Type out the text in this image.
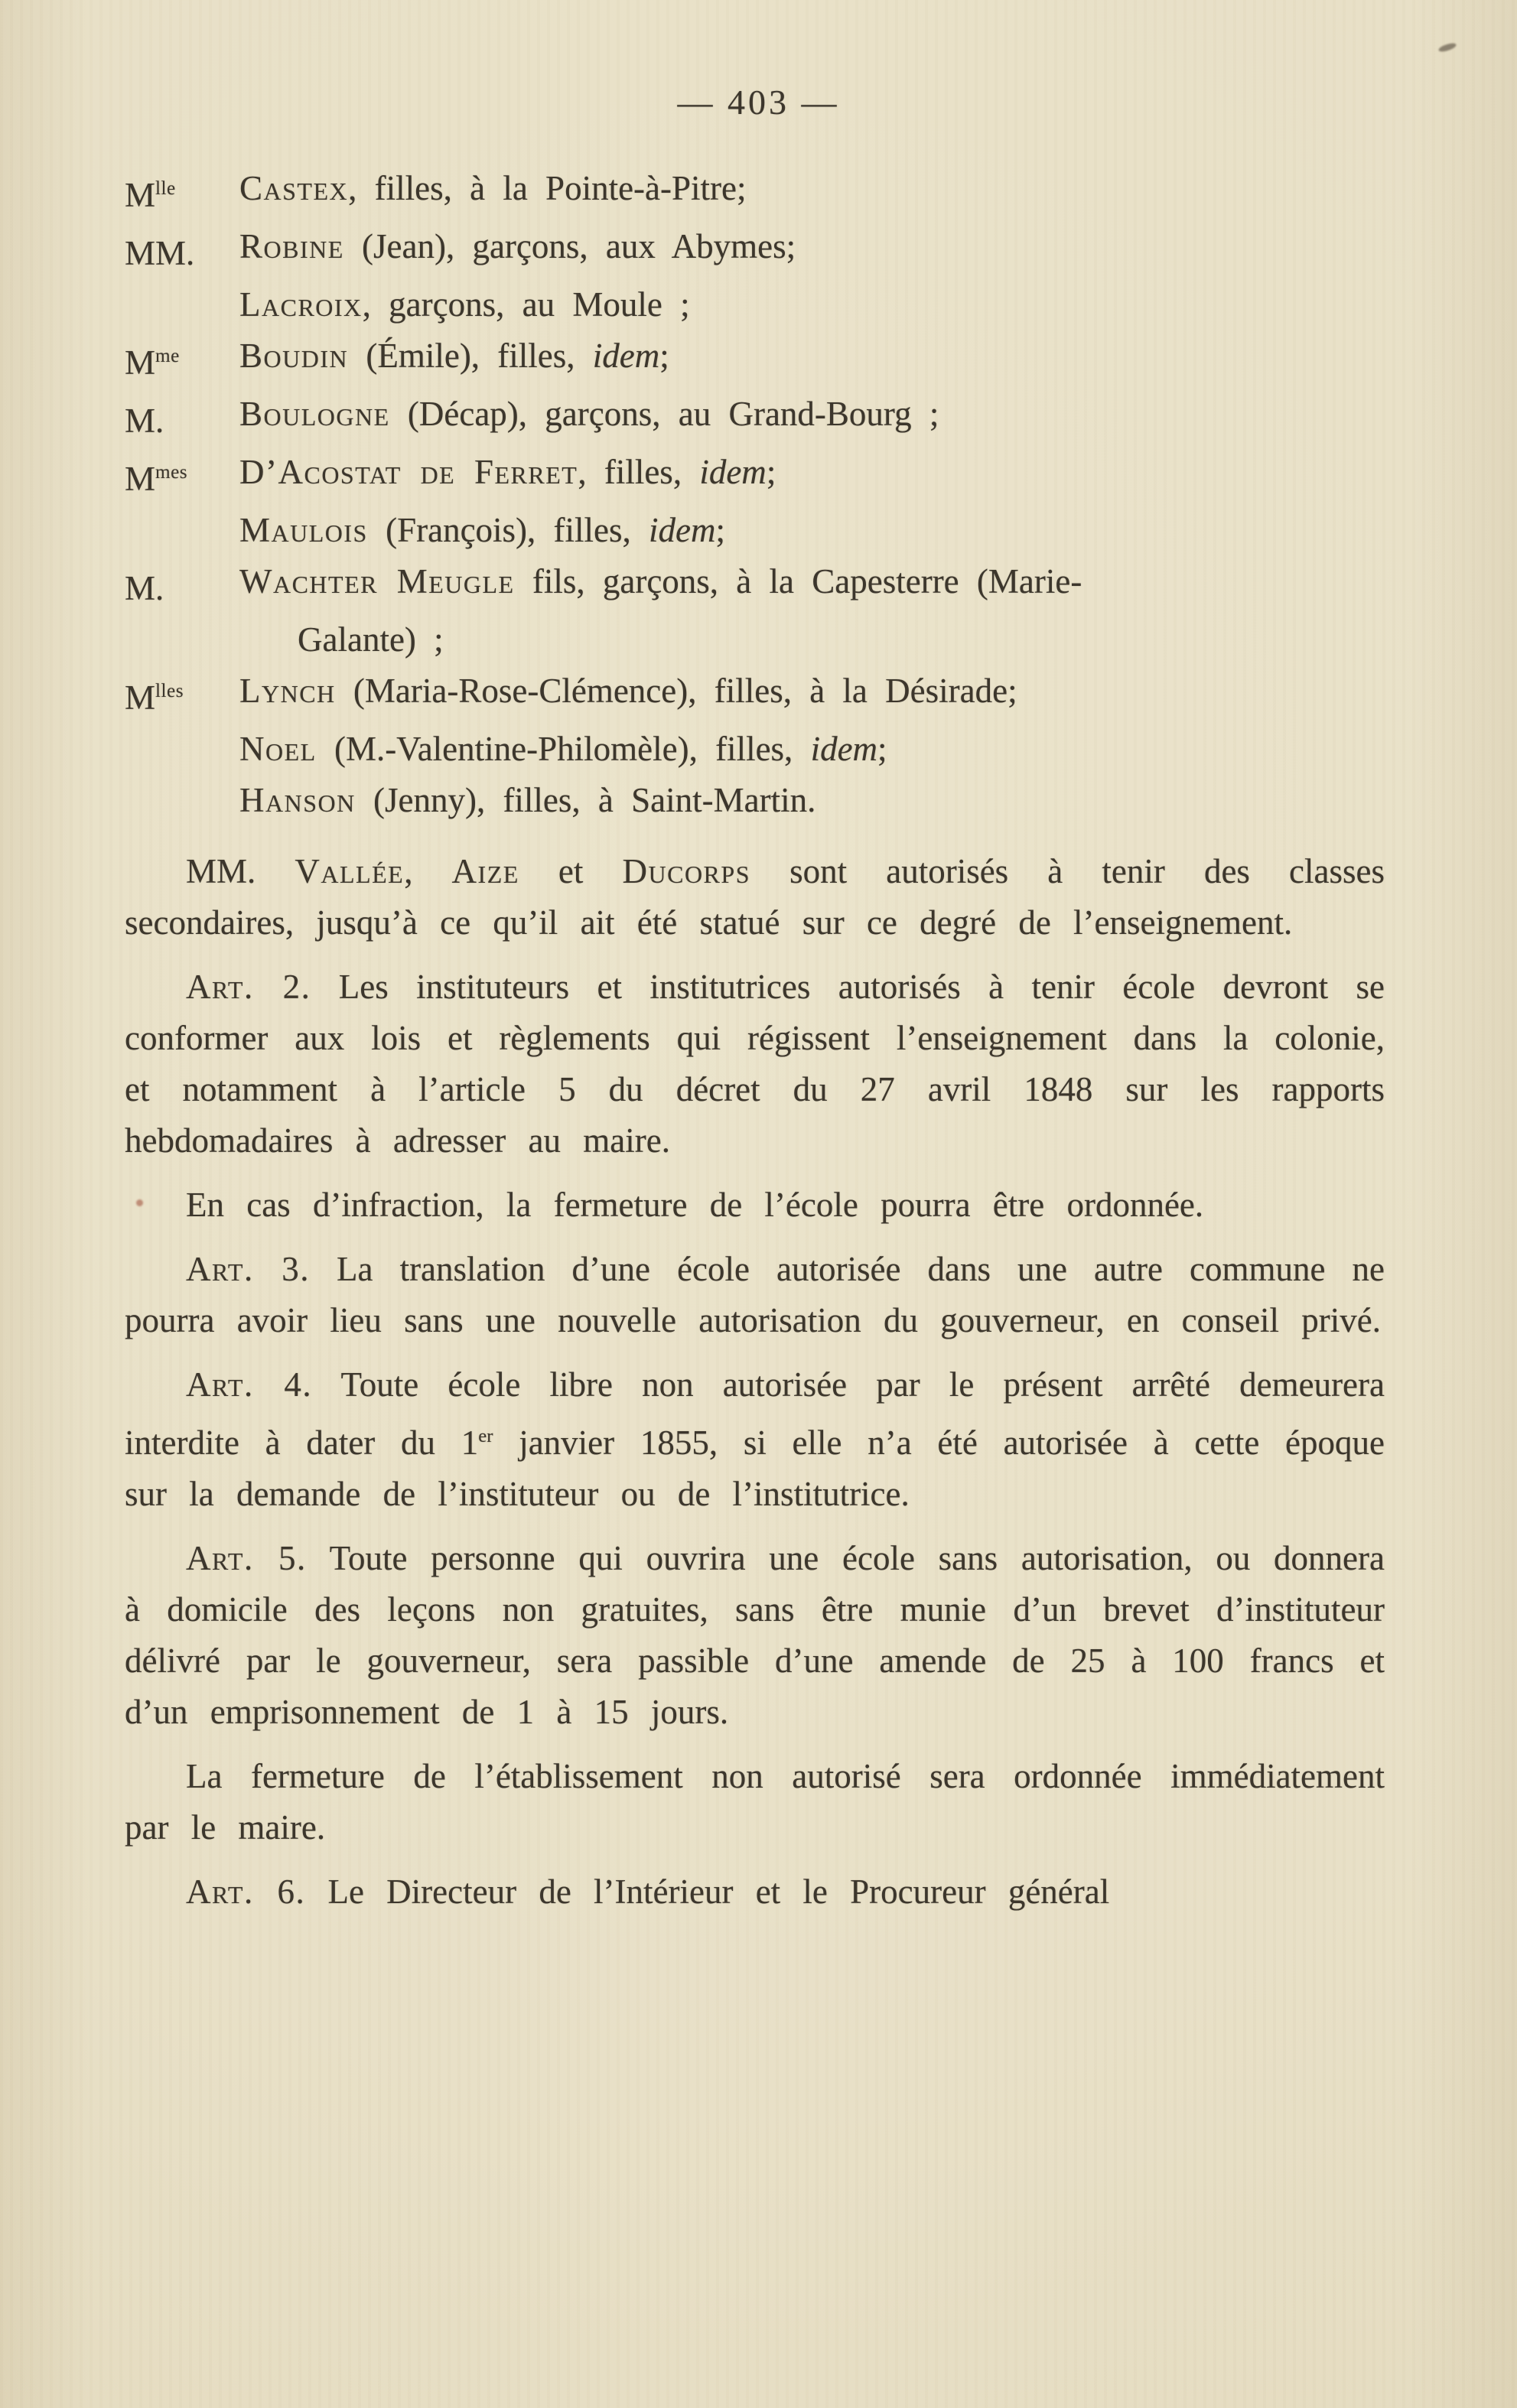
— 403 —
$M^{lle}$	Castex, filles, à la Pointe-à-Pitre;
MM.	Robine (Jean), garçons, aux Abymes;
Lacroix, garçons, au Moule ;
$M^{me}$	Boudin (Émile), filles, idem;
M.	Boulogne (Décap), garçons, au Grand-Bourg ;
$M^{mes}$	D’Acostat de Ferret, filles, idem;
Maulois (François), filles, idem;
M.	Wachter Meugle fils, garçons, à la Capesterre (Marie-
Galante) ;
$M^{lles}$	Lynch (Maria-Rose-Clémence), filles, à la Désirade;
Noel (M.-Valentine-Philomèle), filles, idem;
Hanson (Jenny), filles, à Saint-Martin.

MM. Vallée, Aize et Ducorps sont autorisés à tenir des classes secondaires, jusqu’à ce qu’il ait été statué sur ce degré de l’enseignement.

Art. 2. Les instituteurs et institutrices autorisés à tenir école devront se conformer aux lois et règlements qui régissent l’enseignement dans la colonie, et notamment à l’article 5 du décret du 27 avril 1848 sur les rapports hebdomadaires à adresser au maire.

En cas d’infraction, la fermeture de l’école pourra être ordonnée.

Art. 3. La translation d’une école autorisée dans une autre commune ne pourra avoir lieu sans une nouvelle autorisation du gouverneur, en conseil privé.

Art. 4. Toute école libre non autorisée par le présent arrêté demeurera interdite à dater du 1er janvier 1855, si elle n’a été autorisée à cette époque sur la demande de l’instituteur ou de l’institutrice.

Art. 5. Toute personne qui ouvrira une école sans autorisation, ou donnera à domicile des leçons non gratuites, sans être munie d’un brevet d’instituteur délivré par le gouverneur, sera passible d’une amende de 25 à 100 francs et d’un emprisonnement de 1 à 15 jours.

La fermeture de l’établissement non autorisé sera ordonnée immédiatement par le maire.

Art. 6. Le Directeur de l’Intérieur et le Procureur général
